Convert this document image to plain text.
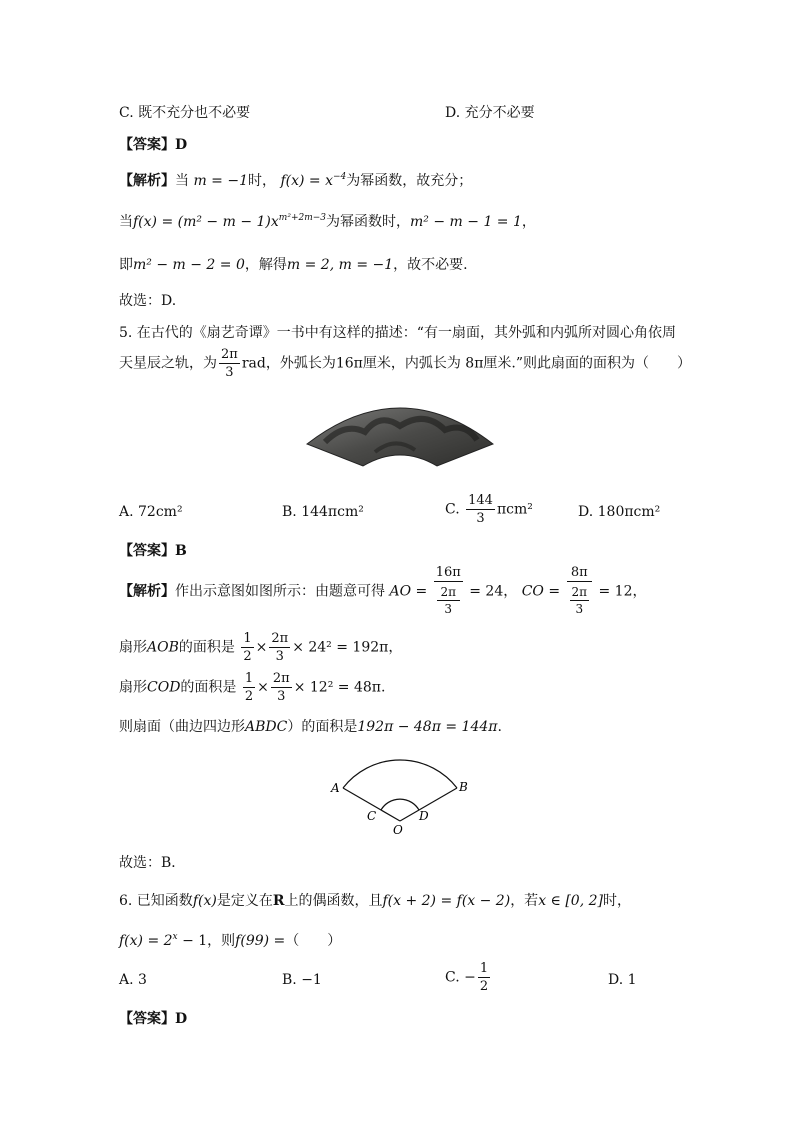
C. 既不充分也不必要	D. 充分不必要
【答案】D
【解析】当 m = −1时， $f(x) = x^{-4}$为幂函数，故充分；
当$f(x) = (m^2 - m - 1)x^{m^2+2m-3}$为幂函数时，m² − m − 1 = 1，
即m² − m − 2 = 0，解得m = 2, m = −1，故不必要.
故选：D.
5. 在古代的《扇艺奇谭》一书中有这样的描述：“有一扇面，其外弧和内弧所对圆心角依周
天星辰之轨，为 $\frac{2\pi}{3}$ rad，外弧长为16π厘米，内弧长为 8π厘米.”则此扇面的面积为（　　）
A. 72cm²	B. 144πcm²	C. $\frac{144}{3} \pi cm^2$	D. 180πcm²
【答案】B
【解析】作出示意图如图所示：由题意可得 AO = 16π
2π
3 = 24， CO = 8π
2π
3 = 12，
扇形AOB的面积是 $\frac{1}{2} \times \frac{2\pi}{3} \times 24^2 = 192\pi$，
扇形COD的面积是 $\frac{1}{2} \times \frac{2\pi}{3} \times 12^2 = 48\pi$.
则扇面（曲边四边形ABDC）的面积是192π − 48π = 144π.
A	B
C	D
O
故选：B．
6. 已知函数f(x)是定义在R上的偶函数，且f(x + 2) = f(x − 2)，若x ∈ [0, 2]时，
$f(x) = 2^x - 1$，则f(99) =（　　）
A. 3	B. −1	C. − $\frac{1}{2}$	D. 1
【答案】D
